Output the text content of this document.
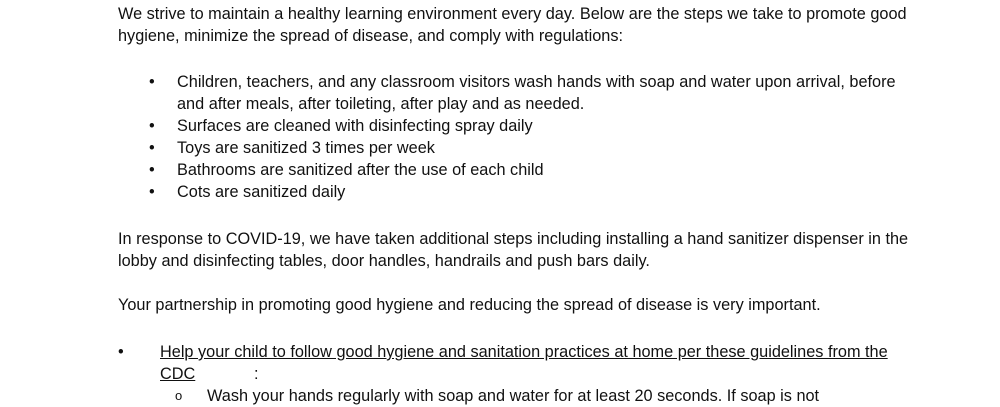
We strive to maintain a healthy learning environment every day. Below are the steps we take to promote good hygiene, minimize the spread of disease, and comply with regulations:

• Children, teachers, and any classroom visitors wash hands with soap and water upon arrival, before and after meals, after toileting, after play and as needed.
• Surfaces are cleaned with disinfecting spray daily
• Toys are sanitized 3 times per week
• Bathrooms are sanitized after the use of each child
• Cots are sanitized daily

In response to COVID-19, we have taken additional steps including installing a hand sanitizer dispenser in the lobby and disinfecting tables, door handles, handrails and push bars daily.

Your partnership in promoting good hygiene and reducing the spread of disease is very important.

• Help your child to follow good hygiene and sanitation practices at home per these guidelines from the CDC	:
o Wash your hands regularly with soap and water for at least 20 seconds. If soap is not
